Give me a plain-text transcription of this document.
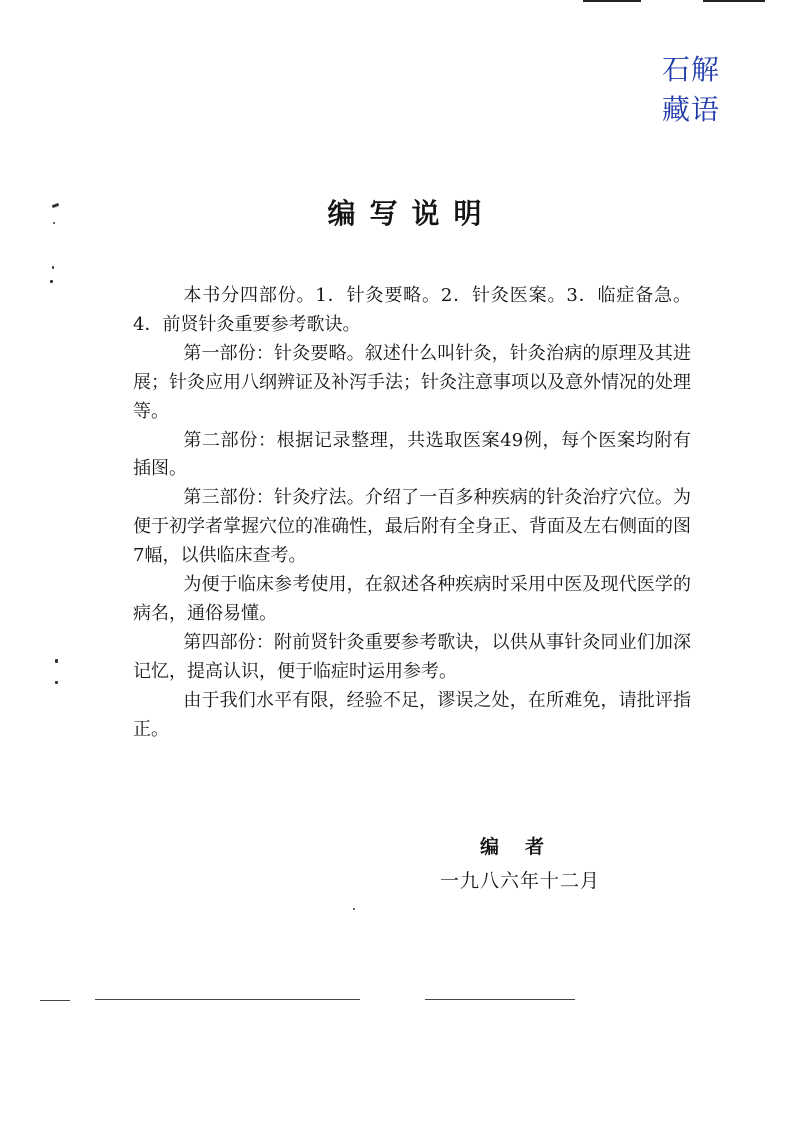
石解
藏语
编写说明

本书分四部份。1．针灸要略。2．针灸医案。3．临症备急。 4．前贤针灸重要参考歌诀。

第一部份：针灸要略。叙述什么叫针灸，针灸治病的原理及其进展；针灸应用八纲辨证及补泻手法；针灸注意事项以及意外情况的处理等。

第二部份：根据记录整理，共选取医案49例，每个医案均附有插图。

第三部份：针灸疗法。介绍了一百多种疾病的针灸治疗穴位。为便于初学者掌握穴位的准确性，最后附有全身正、背面及左右侧面的图7幅，以供临床查考。

为便于临床参考使用，在叙述各种疾病时采用中医及现代医学的病名，通俗易懂。

第四部份：附前贤针灸重要参考歌诀，以供从事针灸同业们加深记忆，提高认识，便于临症时运用参考。

由于我们水平有限，经验不足，谬误之处，在所难免，请批评指正。

编者
一九八六年十二月
